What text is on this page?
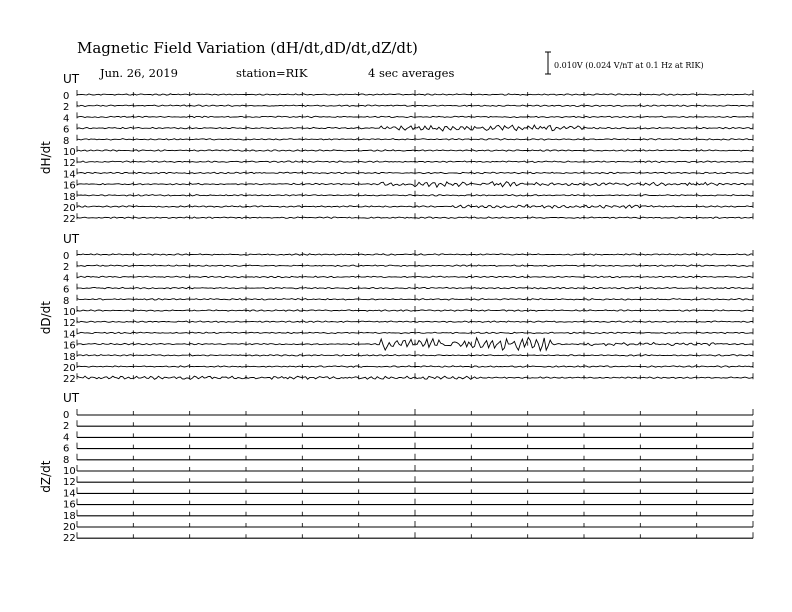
Magnetic Field Variation (dH/dt,dD/dt,dZ/dt)
Jun. 26, 2019	station=RIK	4 sec averages
0.010V (0.024 V/nT at 0.1 Hz at RIK)
UT
dH/dt
0
2
4
6
8
10
12
14
16
18
20
22
UT
dD/dt
0
2
4
6
8
10
12
14
16
18
20
22
UT
dZ/dt
0
2
4
6
8
10
12
14
16
18
20
22
